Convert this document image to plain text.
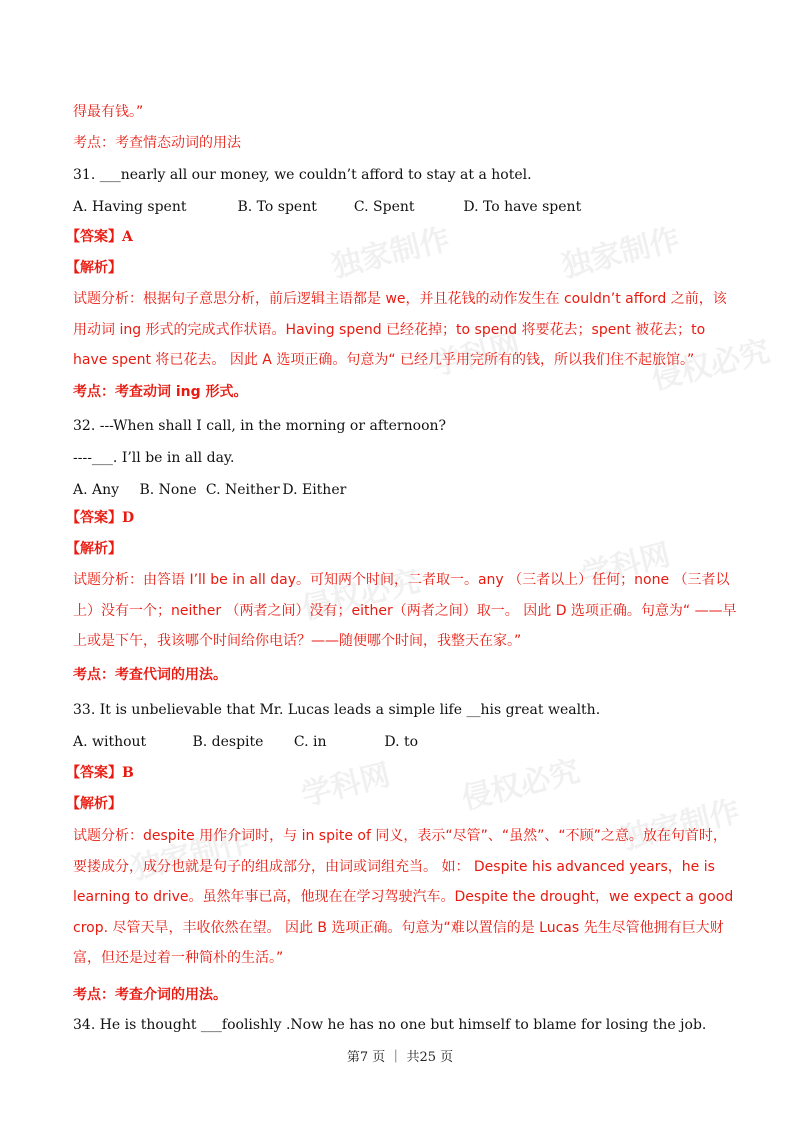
独家制作	独家制作
学科网	侵权必究
侵权必究	学科网
学科网 侵权必究
独家制作
独家制作
得最有钱。”
考点：考查情态动词的用法
31. ___nearly all our money, we couldn’t afford to stay at a hotel.
A. Having spent	B. To spent	C. Spent	D. To have spent
【答案】A
【解析】
试题分析：根据句子意思分析，前后逻辑主语都是 we，并且花钱的动作发生在 couldn’t afford 之前，该用动词 ing 形式的完成式作状语。Having spend 已经花掉；to spend 将要花去；spent 被花去；to have spent 将已花去。 因此 A 选项正确。句意为“ 已经几乎用完所有的钱，所以我们住不起旅馆。”
考点：考查动词 ing 形式。
32. ---When shall I call, in the morning or afternoon?
----___. I’ll be in all day.
A. Any B. None C. Neither D. Either
【答案】D
【解析】
试题分析：由答语 I’ll be in all day。可知两个时间，二者取一。any （三者以上）任何；none （三者以上）没有一个；neither （两者之间）没有；either（两者之间）取一。 因此 D 选项正确。句意为“ ——早上或是下午，我该哪个时间给你电话？——随便哪个时间，我整天在家。”
考点：考查代词的用法。
33. It is unbelievable that Mr. Lucas leads a simple life __his great wealth.
A. without	B. despite C. in	D. to
【答案】B
【解析】
试题分析：despite 用作介词时，与 in spite of 同义，表示“尽管”、“虽然”、“不顾”之意。放在句首时，要搂成分，成分也就是句子的组成部分，由词或词组充当。 如： Despite his advanced years，he is learning to drive。虽然年事已高，他现在在学习驾驶汽车。Despite the drought，we expect a good crop. 尽管天旱，丰收依然在望。 因此 B 选项正确。句意为“难以置信的是 Lucas 先生尽管他拥有巨大财富，但还是过着一种简朴的生活。”
考点：考查介词的用法。
34. He is thought ___foolishly .Now he has no one but himself to blame for losing the job.
第7 页 ｜ 共25 页
